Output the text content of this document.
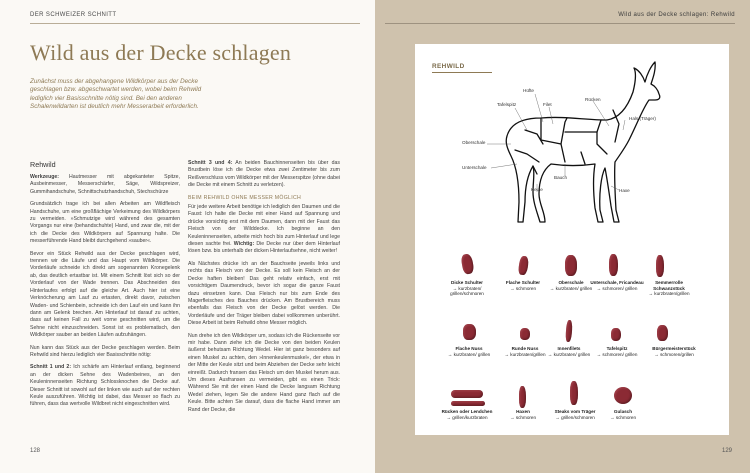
DER SCHWEIZER SCHNITT
Wild aus der Decke schlagen
Zunächst muss der abgehangene Wildkörper aus der Decke geschlagen bzw. abgeschwartet werden, wobei beim Rehwild lediglich vier Basisschnitte nötig sind. Bei den anderen Schalenwildarten ist deutlich mehr Messerarbeit erforderlich.
Rehwild

Werkzeuge: Hautmesser mit abgekanteter Spitze, Ausbeinmesser, Messerschärfer, Säge, Wildspreizer, Gummihandschuhe, Schnittschutzhandschuh, Stechschürze

Grundsätzlich trage ich bei allen Arbeiten am Wildfleisch Handschuhe, um eine großflächige Verkeimung des Wildkörpers zu vermeiden. »Schmutzige wird während des gesamten Vorgangs nur eine (behandschuhte) Hand, und zwar die, mit der ich die Decke des Wildkörpers auf Spannung halte. Die messerführende Hand bleibt durchgehend »sauber«.

Bevor ein Stück Rehwild aus der Decke geschlagen wird, trennen wir die Läufe und das Haupt vom Wildkörper. Die Vorderläufe schneide ich direkt am sogenannten Kronegelenk ab, das deutlich ertastbar ist. Mit einem Schnitt löst sich so der Vorderlauf von der Wade trennen. Das Abschneiden des Hinterlaufes erfolgt auf die gleiche Art. Auch hier ist eine Verknöcherung am Lauf zu ertasten, direkt davor, zwischen Waden- und Schienbein, schneide ich den Lauf ein und kann ihn dann am Gelenk brechen. Am Hinterlauf ist darauf zu achten, dass auf keinen Fall zu weit vorne geschnitten wird, um die Sehne nicht einzuschneiden. Sonst ist es problematisch, den Wildkörper sauber an beiden Läufen aufzuhängen.

Nun kann das Stück aus der Decke geschlagen werden. Beim Rehwild sind hierzu lediglich vier Basisschnitte nötig:

Schnitt 1 und 2: Ich schärfe am Hinterlauf entlang, beginnend an der dicken Sehne des Wadenbeines, an den Keuleninnenseiten Richtung Schlossknochen die Decke auf. Dieser Schnitt ist sowohl auf der linken wie auch auf der rechten Keule auszuführen. Wichtig ist dabei, das Messer so flach zu führen, dass das wertvolle Wildbret nicht eingeschnitten wird.

Schnitt 3 und 4: An beiden Bauchinnenseiten bis über das Brustbein löse ich die Decke etwa zwei Zentimeter bis zum Reißverschluss vom Wildkörper mit der Messerspitze (ohne dabei die Decke mit einem Schnitt zu verletzen).

BEIM REHWILD OHNE MESSER MÖGLICH

Für jede weitere Arbeit benötige ich lediglich den Daumen und die Faust: Ich halte die Decke mit einer Hand auf Spannung und drücke vorsichtig erst mit dem Daumen, dann mit der Faust das Fleisch von der Wilddecke. Ich beginne an den Keuleninnenseiten, arbeite mich hoch bis zum Hinterlauf und lege diesen sachte frei. Wichtig: Die Decke nur über dem Hinterlauf lösen bzw. bis unterhalb der dicken Hinterlaufsehne, nicht weiter!

Als Nächstes drücke ich an der Bauchseite jeweils links und rechts das Fleisch von der Decke. Es soll kein Fleisch an der Decke haften bleiben! Das geht relativ einfach, erst mit vorsichtigem Daumendruck, bevor ich sogar die ganze Faust dazu einsetzen kann. Das Fleisch nur bis zum Ende des Magerfleisches des Bauches drücken. Am Brustbereich muss ebenfalls das Fleisch von der Decke gelöst werden. Die Vorderläufe und der Träger bleiben dabei vollkommen unberührt. Diese Arbeit ist beim Rehwild ohne Messer möglich.

Nun drehe ich den Wildkörper um, sodass ich die Rückenseite vor mir habe. Dann ziehe ich die Decke von den beiden Keulen äußerst behutsam Richtung Wedel. Hier ist ganz besonders auf einen Muskel zu achten, den »Innenkeulenmuskel«, der etwa in der Mitte der Keule sitzt und beim Abziehen der Decke sehr leicht einreißt. Dadurch fransen das Fleisch um den Muskel herum aus. Um dieses Ausfransen zu vermeiden, gibt es einen Trick: Während Sie mit der einen Hand die Decke langsam Richtung Wedel ziehen, legen Sie die andere Hand ganz flach auf die Keule. Bitte achten Sie darauf, dass die flache Hand immer am Rand der Decke, die

128
Wild aus der Decke schlagen: Rehwild
129
REHWILD
Hüfte
Tafelspitz	Filet
Rücken
Hals (Träger)
Oberschale
Unterschale
Keule
Bauch
Haxe
Dicke Schulter
→ kurzbraten/ grillen/schmoren
Flache Schulter
→ schmoren
Oberschale
→ kurzbraten/ grillen
Unterschale, Fricandeau
→ schmoren/ grillen
Semmerrolle Schwanzstück
→ kurzbraten/grillen
Flache Nuss
→ kurzbraten/ grillen
Runde Nuss
→ kurzbraten/grillen
Innenfilets
→ kurzbraten/ grillen
Tafelspitz
→ schmoren/ grillen
Bürgermeisterstück
→ schmoren/grillen
Rücken oder Lendchen
→ grillen/kurzbraten
Haxen
→ schmoren
Steaks vom Träger
→ grillen/schmoren
Gulasch
→ schmoren
